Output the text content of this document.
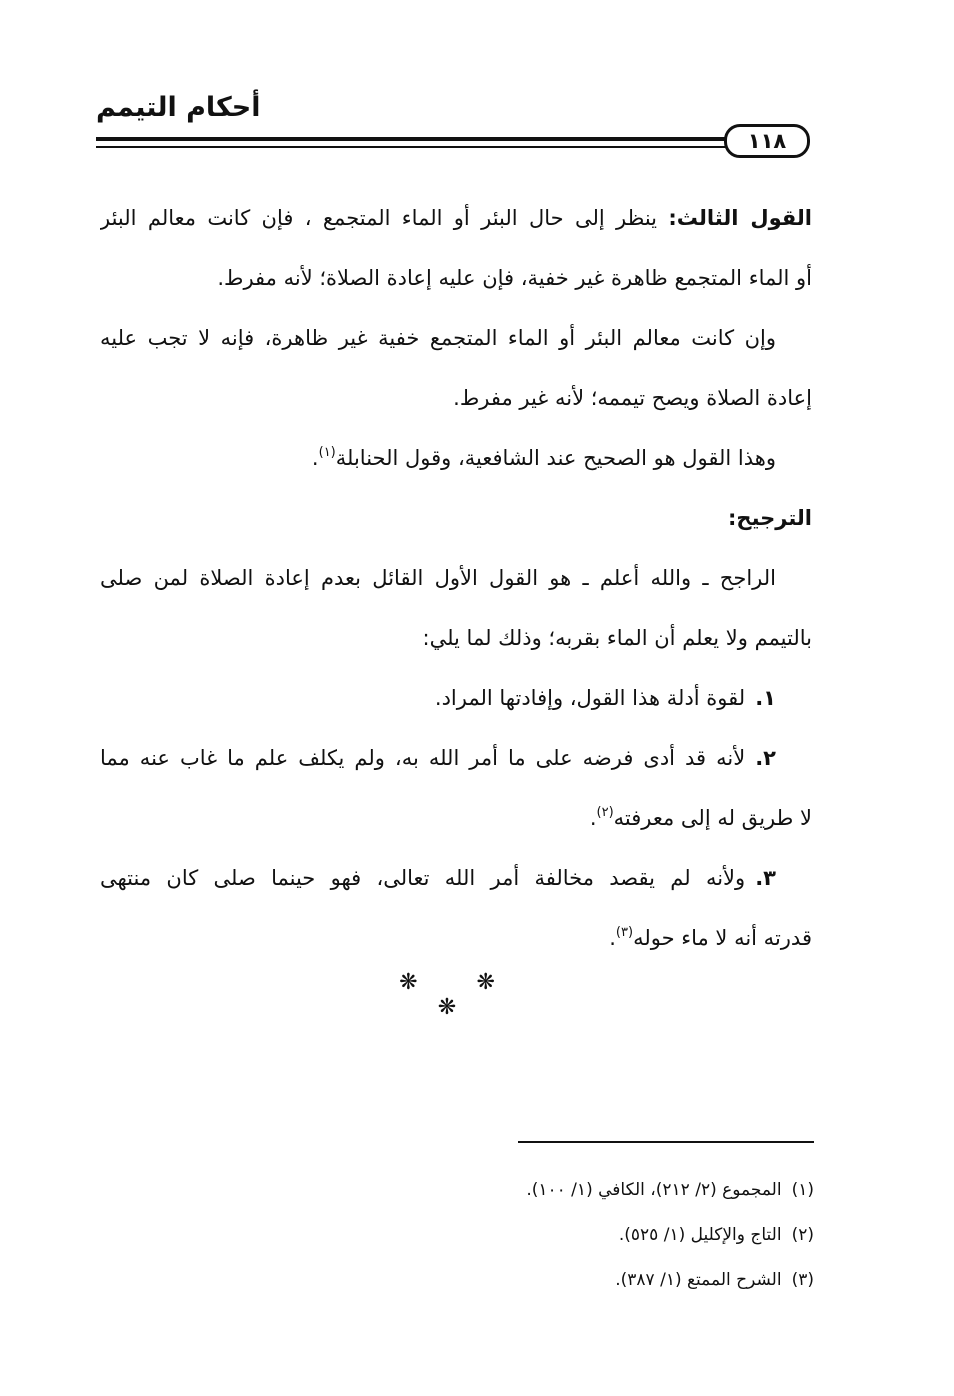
أحكام التيمم
١١٨
القول الثالث: ينظر إلى حال البئر أو الماء المتجمع ، فإن كانت معالم البئر
أو الماء المتجمع ظاهرة غير خفية، فإن عليه إعادة الصلاة؛ لأنه مفرط.
وإن كانت معالم البئر أو الماء المتجمع خفية غير ظاهرة، فإنه لا تجب عليه
إعادة الصلاة ويصح تيممه؛ لأنه غير مفرط.
وهذا القول هو الصحيح عند الشافعية، وقول الحنابلة$^{(١)}$.
الترجيح:
الراجح ـ والله أعلم ـ هو القول الأول القائل بعدم إعادة الصلاة لمن صلى
بالتيمم ولا يعلم أن الماء بقربه؛ وذلك لما يلي:
١.لقوة أدلة هذا القول، وإفادتها المراد.
٢.لأنه قد أدى فرضه على ما أمر الله به، ولم يكلف علم ما غاب عنه مما
لا طريق له إلى معرفته$^{(٢)}$.
٣.ولأنه لم يقصد مخالفة أمر الله تعالى، فهو حينما صلى كان منتهى
قدرته أنه لا ماء حوله$^{(٣)}$.
❋ ❋ ❋
(١)المجموع (٢/ ٢١٢)، الكافي (١/ ١٠٠).
(٢)التاج والإكليل (١/ ٥٢٥).
(٣)الشرح الممتع (١/ ٣٨٧).
